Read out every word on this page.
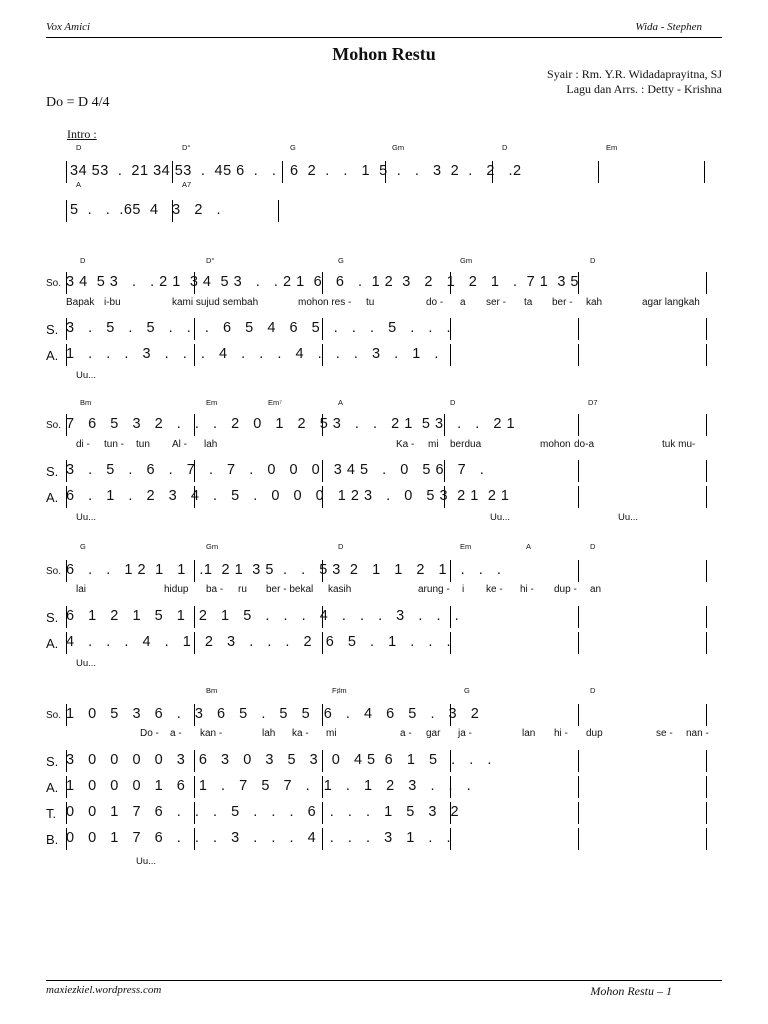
Vox Amici	Wida - Stephen
Mohon Restu
Syair : Rm. Y.R. Widadaprayitna, SJ
Lagu dan Arrs. : Detty - Krishna
Do = D 4/4
Intro :
D	D°	G	Gm	D	Em
34 53  .  21 34 53  .  45 6  .   .   6  2  .   .   1  5  .   .   3  2  .   2   .2
A	A7
5  .   .  .65  4   3   2   .
D	D°	G	Gm	D
So. 3 4  5 3   .   . 2 1  3 4  5 3   .   . 2 1  6   6   .  1 2  3   2   1   2   1   .  7 1  3 5
Bapak i-bu	kami sujud sembah	mohon res - tu	do - a ser - ta ber - kah	agar langkah
S. 3   .   5   .   5   .   .   .   6   5   4   6   5   .   .   .   5   .   .   .
A. 1   .   .   .   3   .   .   .   4   .   .   .   4   .   .   .   3   .   1   .
Uu...
Bm	Em	Em⁷	A	D	D7
So. 7   6   5   3   2   .   .   .   2   0   1   2   5 3   .   .   2 1  5 3   .   .   2 1
di - tun - tun Al - lah	Ka - mi berdua	mohon do-a	tuk mu-
S. 3   .   5   .   6   .   7   .   7   .   0   0   0   3 4 5   .   0   5 6   7   .
A. 6   .   1   .   2   3   4   .   5   .   0   0   0   1 2 3   .   0   5 3  2 1  2 1
Uu...	Uu...	Uu...
G	Gm	D	Em	A	D
So. 6   .   .   1 2  1   1   .1  2 1  3 5  .   .   5 3  2   1   1   2   1   .   .   .
lai	hidup ba - ru ber - bekal kasih	arung - i ke - hi - dup - an
S. 6   1   2   1   5   1   2   1   5   .   .   .   4   .   .   .   3   .   .   .
A. 4   .   .   .   4   .   1   2   3   .   .   .   2   6   5   .   1   .   .   .
Uu...
Bm	F♯m	G	D
So. 1   0   5   3   6   .   3   6   5   .   5   5   6   .   4   6   5   .   3   2
Do - a - kan -	lah ka - mi	a - gar ja -	lan hi - dup	se - nan -
S. 3   0   0   0   0   3   6   3   0   3   5   3   0   4 5  6   1   5   .   .   .
A. 1   0   0   0   1   6   1   .   7   5   7   .   1   .   1   2   3   .   .   .
T. 0   0   1   7   6   .   .   .   5   .   .   .   6   .   .   .   1   5   3   2
B. 0   0   1   7   6   .   .   .   3   .   .   .   4   .   .   .   3   1   .   .
Uu...
maxiezkiel.wordpress.com	Mohon Restu – 1
